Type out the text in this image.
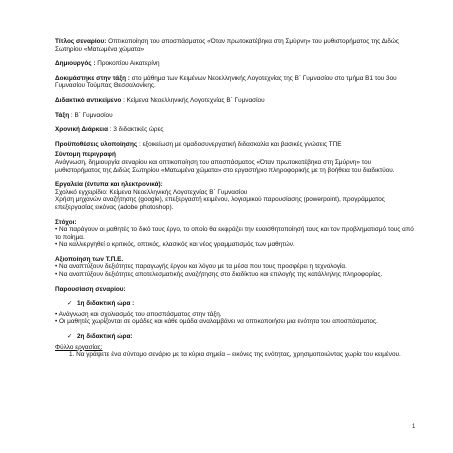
Τίτλος σεναρίου: Οπτικοποίηση του αποσπάσματος «Όταν πρωτοκατέβηκα στη Σμύρνη» του μυθιστορήματος της Διδώς Σωτηρίου «Ματωμένα χώματα»
Δημιουργός : Προκοπίου Αικατερίνη
Δοκιμάστηκε στην τάξη : στο μάθημα των Κειμένων Νεοελληνικής Λογοτεχνίας της Β΄ Γυμνασίου στο τμήμα Β1 του 3ου Γυμνασίου Τούμπας Θεσσαλονίκης.
Διδακτικό αντικείμενο : Κείμενα Νεοελληνικής Λογοτεχνίας Β΄ Γυμνασίου
Τάξη : Β΄ Γυμνασίου
Χρονική Διάρκεια : 3 διδακτικές ώρες
Προϋποθέσεις υλοποίησης : εξοικείωση με ομαδοσυνεργατική διδασκαλία και βασικές γνώσεις ΤΠΕ
Σύντομη περιγραφή
Ανάγνωση, δημιουργία σεναρίου και οπτικοποίηση του αποσπάσματος «Όταν πρωτοκατέβηκα στη Σμύρνη» του μυθιστορήματος της Διδώς Σωτηρίου «Ματωμένα χώματα» στο εργαστήριο πληροφορικής με τη βοήθεια του διαδικτύου.
Εργαλεία (έντυπα και ηλεκτρονικά):
Σχολικό εγχειρίδιο: Κείμενα Νεοελληνικής Λογοτεχνίας Β΄ Γυμνασίου
Χρήση μηχανών αναζήτησης (google), επεξεργαστή κειμένου, λογισμικού παρουσίασης (powerpoint), προγράμματος επεξεργασίας εικόνας (adobe photoshop).
Στόχοι:
• Να παράγουν οι μαθητές το δικό τους έργο, το οποίο θα εκφράζει την ευαισθητοποίησή τους και τον προβληματισμό τους από το ποίημα.
• Να καλλιεργηθεί ο κριτικός, οπτικός, κλασικός και νέος γραμματισμός των μαθητών.
Αξιοποίηση των Τ.Π.Ε.
• Να αναπτύξουν δεξιότητες παραγωγής έργου και λόγου με τα μέσα που τους προσφέρει η τεχνολογία.
• Να αναπτύξουν δεξιότητες αποτελεσματικής αναζήτησης στο διαδίκτυο και επιλογής της κατάλληλης πληροφορίας.
Παρουσίαση σεναρίου:
✓ 1η διδακτική ώρα :
• Ανάγνωση και σχολιασμός του αποσπάσματος στην τάξη.
• Οι μαθητές χωρίζονται σε ομάδες και κάθε ομάδα αναλαμβάνει να οπτικοποιήσει μια ενότητα του αποσπάσματος.
✓ 2η διδακτική ώρα:
Φύλλο εργασίας:
1. Να γράψετε ένα σύντομο σενάριο με τα κύρια σημεία – εικόνες της ενότητας, χρησιμοποιώντας χωρία του κειμένου.
1
